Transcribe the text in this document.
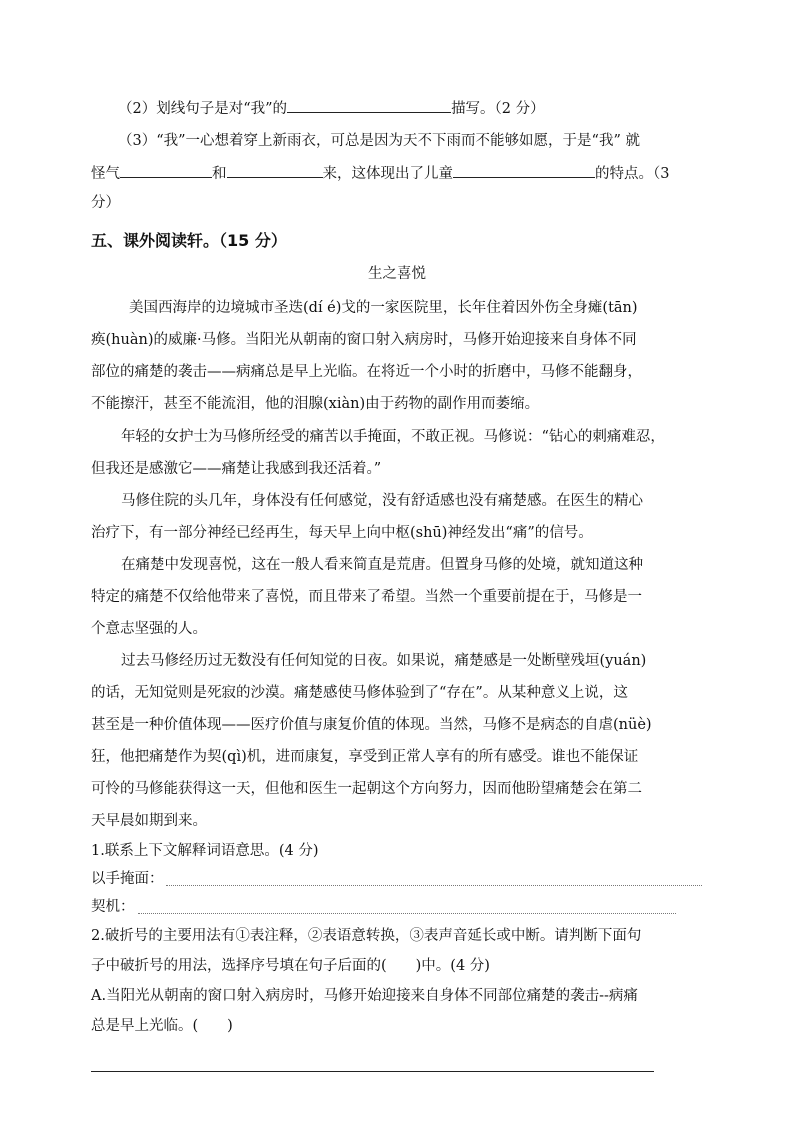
（2）划线句子是对“我”的	描写。（2 分）
（3）“我”一心想着穿上新雨衣，可总是因为天不下雨而不能够如愿，于是“我” 就
怪气	和	来，这体现出了儿童	的特点。（3
分）
五、课外阅读轩。（15 分）
生之喜悦
美国西海岸的边境城市圣迭(dí é)戈的一家医院里，长年住着因外伤全身瘫(tān)
痪(huàn)的威廉·马修。当阳光从朝南的窗口射入病房时，马修开始迎接来自身体不同
部位的痛楚的袭击——病痛总是早上光临。在将近一个小时的折磨中，马修不能翻身，
不能擦汗，甚至不能流泪，他的泪腺(xiàn)由于药物的副作用而萎缩。
年轻的女护士为马修所经受的痛苦以手掩面，不敢正视。马修说：“钻心的刺痛难忍，
但我还是感激它——痛楚让我感到我还活着。”
马修住院的头几年，身体没有任何感觉，没有舒适感也没有痛楚感。在医生的精心
治疗下，有一部分神经已经再生，每天早上向中枢(shū)神经发出“痛”的信号。
在痛楚中发现喜悦，这在一般人看来简直是荒唐。但置身马修的处境，就知道这种
特定的痛楚不仅给他带来了喜悦，而且带来了希望。当然一个重要前提在于，马修是一
个意志坚强的人。
过去马修经历过无数没有任何知觉的日夜。如果说，痛楚感是一处断壁残垣(yuán)
的话，无知觉则是死寂的沙漠。痛楚感使马修体验到了“存在”。从某种意义上说，这
甚至是一种价值体现——医疗价值与康复价值的体现。当然，马修不是病态的自虐(nüè)
狂，他把痛楚作为契(qì)机，进而康复，享受到正常人享有的所有感受。谁也不能保证
可怜的马修能获得这一天，但他和医生一起朝这个方向努力，因而他盼望痛楚会在第二
天早晨如期到来。
1.联系上下文解释词语意思。(4 分)
以手掩面：
契机：
2.破折号的主要用法有①表注释，②表语意转换，③表声音延长或中断。请判断下面句
子中破折号的用法，选择序号填在句子后面的(　　)中。(4 分)
A.当阳光从朝南的窗口射入病房时，马修开始迎接来自身体不同部位痛楚的袭击--病痛
总是早上光临。(　　)
